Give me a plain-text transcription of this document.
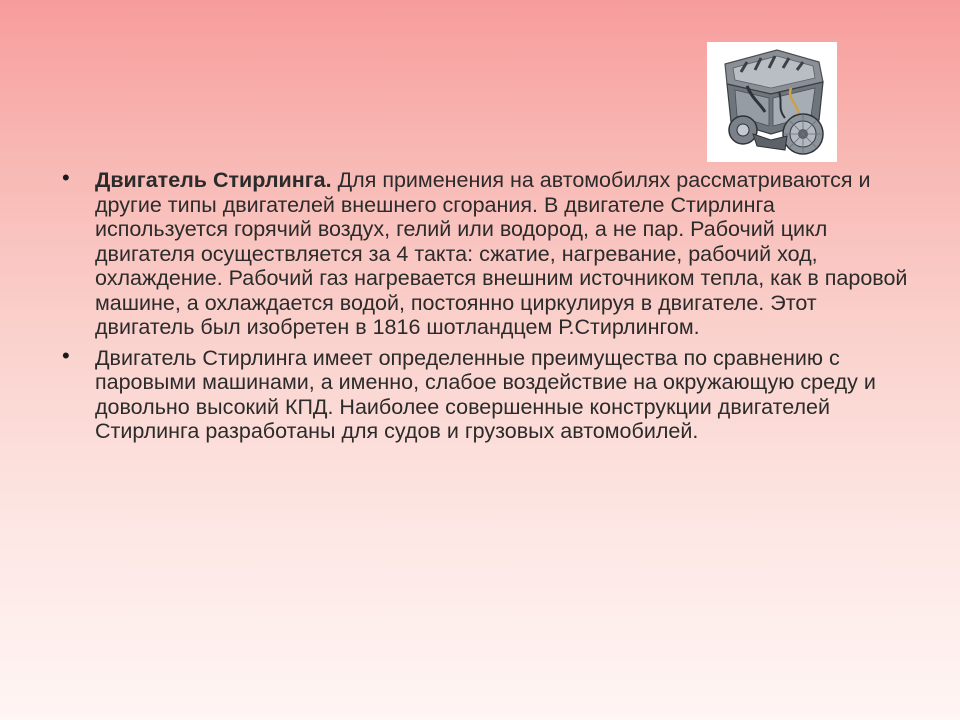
• Двигатель Стирлинга. Для применения на автомобилях рассматриваются и другие типы двигателей внешнего сгорания. В двигателе Стирлинга используется горячий воздух, гелий или водород, а не пар. Рабочий цикл двигателя осуществляется за 4 такта: сжатие, нагревание, рабочий ход, охлаждение. Рабочий газ нагревается внешним источником тепла, как в паровой машине, а охлаждается водой, постоянно циркулируя в двигателе. Этот двигатель был изобретен в 1816 шотландцем Р.Стирлингом.
• Двигатель Стирлинга имеет определенные преимущества по сравнению с паровыми машинами, а именно, слабое воздействие на окружающую среду и довольно высокий КПД. Наиболее совершенные конструкции двигателей Стирлинга разработаны для судов и грузовых автомобилей.
